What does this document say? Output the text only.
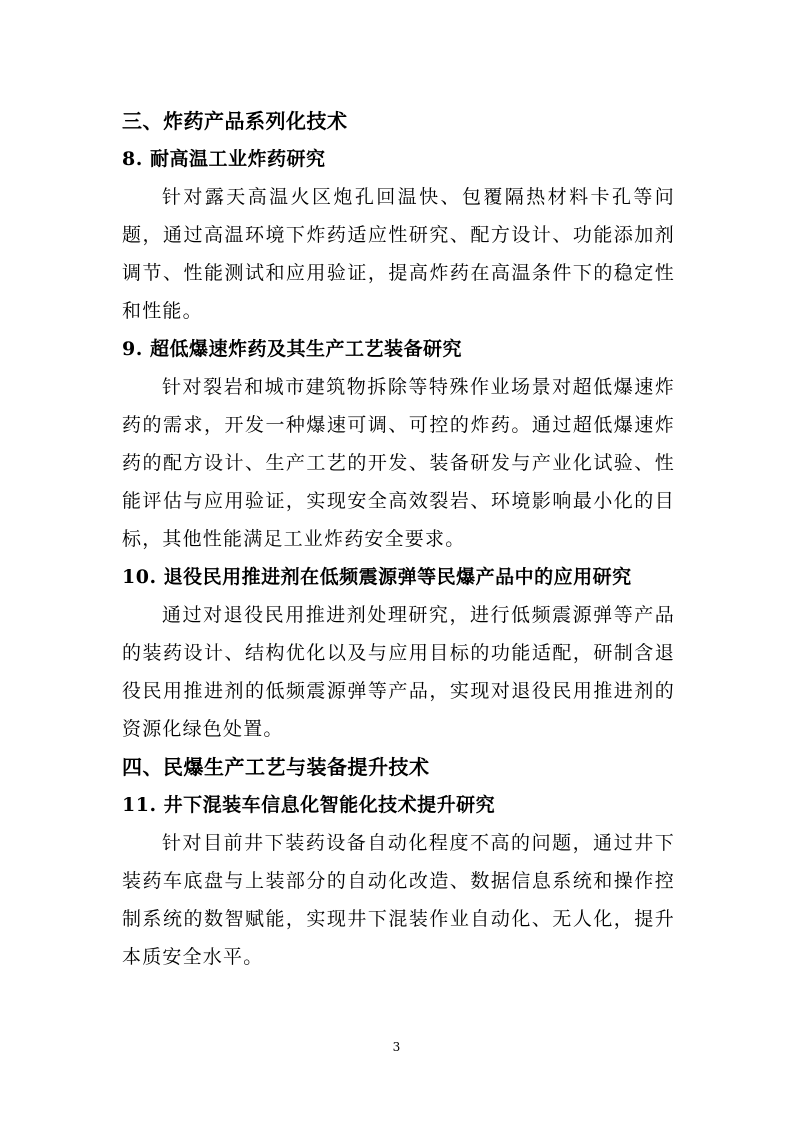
三、炸药产品系列化技术
8. 耐高温工业炸药研究

针对露天高温火区炮孔回温快、包覆隔热材料卡孔等问题，通过高温环境下炸药适应性研究、配方设计、功能添加剂调节、性能测试和应用验证，提高炸药在高温条件下的稳定性和性能。

9. 超低爆速炸药及其生产工艺装备研究

针对裂岩和城市建筑物拆除等特殊作业场景对超低爆速炸药的需求，开发一种爆速可调、可控的炸药。通过超低爆速炸药的配方设计、生产工艺的开发、装备研发与产业化试验、性能评估与应用验证，实现安全高效裂岩、环境影响最小化的目标，其他性能满足工业炸药安全要求。

10. 退役民用推进剂在低频震源弹等民爆产品中的应用研究

通过对退役民用推进剂处理研究，进行低频震源弹等产品的装药设计、结构优化以及与应用目标的功能适配，研制含退役民用推进剂的低频震源弹等产品，实现对退役民用推进剂的资源化绿色处置。

四、民爆生产工艺与装备提升技术
11. 井下混装车信息化智能化技术提升研究

针对目前井下装药设备自动化程度不高的问题，通过井下装药车底盘与上装部分的自动化改造、数据信息系统和操作控制系统的数智赋能，实现井下混装作业自动化、无人化，提升本质安全水平。

3
